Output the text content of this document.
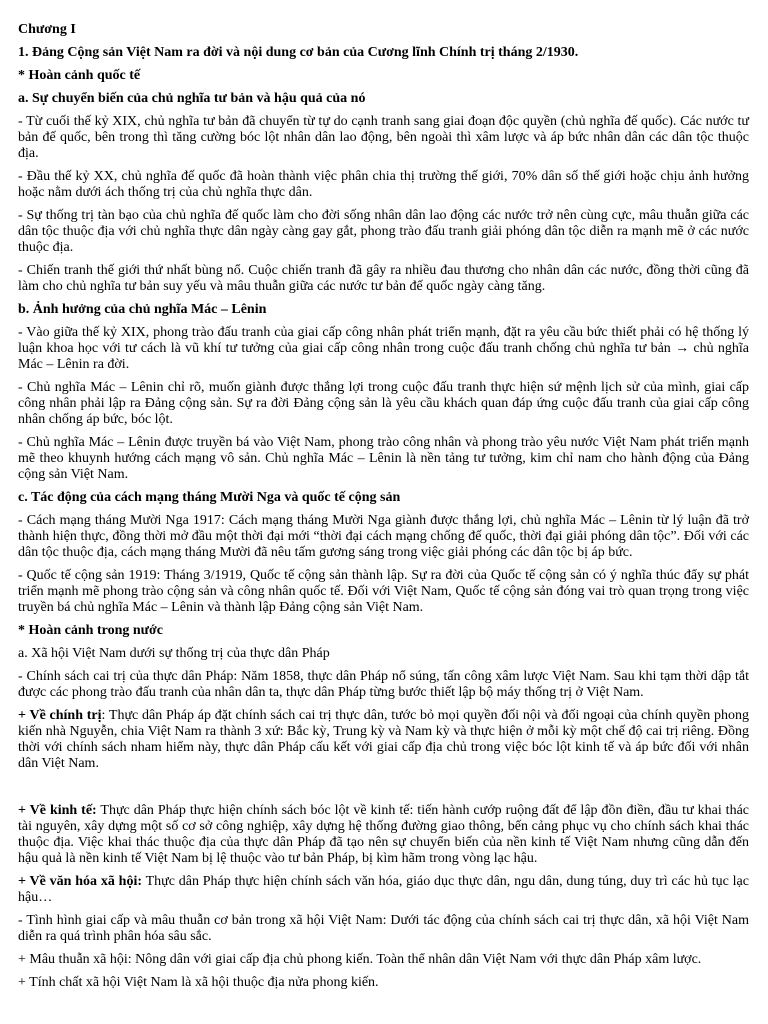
Chương I

1. Đảng Cộng sản Việt Nam ra đời và nội dung cơ bản của Cương lĩnh Chính trị tháng 2/1930.

* Hoàn cảnh quốc tế

a. Sự chuyển biến của chủ nghĩa tư bản và hậu quả của nó

- Từ cuối thế kỷ XIX, chủ nghĩa tư bản đã chuyển từ tự do cạnh tranh sang giai đoạn độc quyền (chủ nghĩa đế quốc). Các nước tư bản đế quốc, bên trong thì tăng cường bóc lột nhân dân lao động, bên ngoài thì xâm lược và áp bức nhân dân các dân tộc thuộc địa.

- Đầu thế kỷ XX, chủ nghĩa đế quốc đã hoàn thành việc phân chia thị trường thế giới, 70% dân số thế giới hoặc chịu ảnh hưởng hoặc nằm dưới ách thống trị của chủ nghĩa thực dân.

- Sự thống trị tàn bạo của chủ nghĩa đế quốc làm cho đời sống nhân dân lao động các nước trở nên cùng cực, mâu thuẫn giữa các dân tộc thuộc địa với chủ nghĩa thực dân ngày càng gay gắt, phong trào đấu tranh giải phóng dân tộc diễn ra mạnh mẽ ở các nước thuộc địa.

- Chiến tranh thế giới thứ nhất bùng nổ. Cuộc chiến tranh đã gây ra nhiều đau thương cho nhân dân các nước, đồng thời cũng đã làm cho chủ nghĩa tư bản suy yếu và mâu thuẫn giữa các nước tư bản đế quốc ngày càng tăng.

b. Ảnh hưởng của chủ nghĩa Mác – Lênin

- Vào giữa thế kỷ XIX, phong trào đấu tranh của giai cấp công nhân phát triển mạnh, đặt ra yêu cầu bức thiết phải có hệ thống lý luận khoa học với tư cách là vũ khí tư tưởng của giai cấp công nhân trong cuộc đấu tranh chống chủ nghĩa tư bản → chủ nghĩa Mác – Lênin ra đời.

- Chủ nghĩa Mác – Lênin chỉ rõ, muốn giành được thắng lợi trong cuộc đấu tranh thực hiện sứ mệnh lịch sử của mình, giai cấp công nhân phải lập ra Đảng cộng sản. Sự ra đời Đảng cộng sản là yêu cầu khách quan đáp ứng cuộc đấu tranh của giai cấp công nhân chống áp bức, bóc lột.

- Chủ nghĩa Mác – Lênin được truyền bá vào Việt Nam, phong trào công nhân và phong trào yêu nước Việt Nam phát triển mạnh mẽ theo khuynh hướng cách mạng vô sản. Chủ nghĩa Mác – Lênin là nền tảng tư tưởng, kim chỉ nam cho hành động của Đảng cộng sản Việt Nam.

c. Tác động của cách mạng tháng Mười Nga và quốc tế cộng sản

- Cách mạng tháng Mười Nga 1917: Cách mạng tháng Mười Nga giành được thắng lợi, chủ nghĩa Mác – Lênin từ lý luận đã trở thành hiện thực, đồng thời mở đầu một thời đại mới “thời đại cách mạng chống đế quốc, thời đại giải phóng dân tộc”. Đối với các dân tộc thuộc địa, cách mạng tháng Mười đã nêu tấm gương sáng trong việc giải phóng các dân tộc bị áp bức.

- Quốc tế cộng sản 1919: Tháng 3/1919, Quốc tế cộng sản thành lập. Sự ra đời của Quốc tế cộng sản có ý nghĩa thúc đẩy sự phát triển mạnh mẽ phong trào cộng sản và công nhân quốc tế. Đối với Việt Nam, Quốc tế cộng sản đóng vai trò quan trọng trong việc truyền bá chủ nghĩa Mác – Lênin và thành lập Đảng cộng sản Việt Nam.

* Hoàn cảnh trong nước

a. Xã hội Việt Nam dưới sự thống trị của thực dân Pháp

- Chính sách cai trị của thực dân Pháp: Năm 1858, thực dân Pháp nổ súng, tấn công xâm lược Việt Nam. Sau khi tạm thời dập tắt được các phong trào đấu tranh của nhân dân ta, thực dân Pháp từng bước thiết lập bộ máy thống trị ở Việt Nam.

+ Về chính trị: Thực dân Pháp áp đặt chính sách cai trị thực dân, tước bỏ mọi quyền đối nội và đối ngoại của chính quyền phong kiến nhà Nguyễn, chia Việt Nam ra thành 3 xứ: Bắc kỳ, Trung kỳ và Nam kỳ và thực hiện ở mỗi kỳ một chế độ cai trị riêng. Đồng thời với chính sách nham hiểm này, thực dân Pháp cấu kết với giai cấp địa chủ trong việc bóc lột kinh tế và áp bức đối với nhân dân Việt Nam.

+ Về kinh tế: Thực dân Pháp thực hiện chính sách bóc lột về kinh tế: tiến hành cướp ruộng đất để lập đồn điền, đầu tư khai thác tài nguyên, xây dựng một số cơ sở công nghiệp, xây dựng hệ thống đường giao thông, bến cảng phục vụ cho chính sách khai thác thuộc địa. Việc khai thác thuộc địa của thực dân Pháp đã tạo nên sự chuyển biến của nền kinh tế Việt Nam nhưng cũng dẫn đến hậu quả là nền kinh tế Việt Nam bị lệ thuộc vào tư bản Pháp, bị kìm hãm trong vòng lạc hậu.

+ Về văn hóa xã hội: Thực dân Pháp thực hiện chính sách văn hóa, giáo dục thực dân, ngu dân, dung túng, duy trì các hủ tục lạc hậu…

- Tình hình giai cấp và mâu thuẫn cơ bản trong xã hội Việt Nam: Dưới tác động của chính sách cai trị thực dân, xã hội Việt Nam diễn ra quá trình phân hóa sâu sắc.

+ Mâu thuẫn xã hội: Nông dân với giai cấp địa chủ phong kiến. Toàn thể nhân dân Việt Nam với thực dân Pháp xâm lược.

+ Tính chất xã hội Việt Nam là xã hội thuộc địa nửa phong kiến.
